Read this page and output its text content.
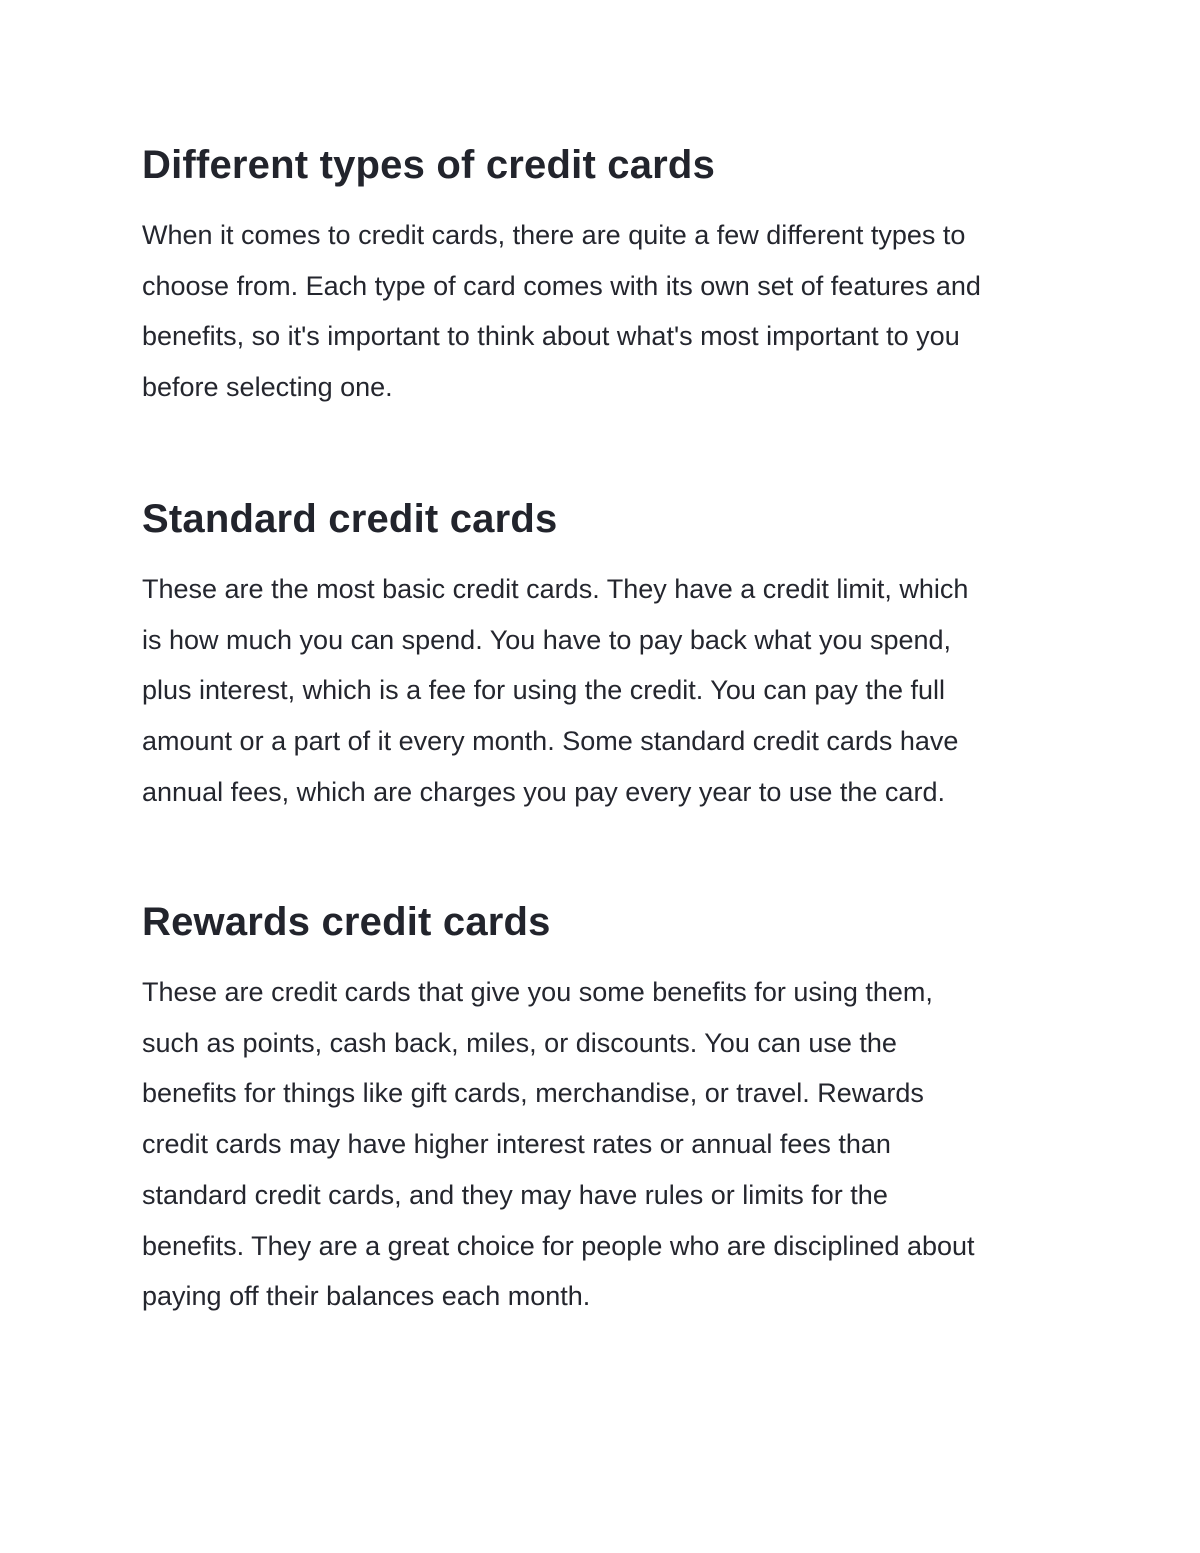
Different types of credit cards

When it comes to credit cards, there are quite a few different types to
choose from. Each type of card comes with its own set of features and
benefits, so it's important to think about what's most important to you
before selecting one.

Standard credit cards

These are the most basic credit cards. They have a credit limit, which
is how much you can spend. You have to pay back what you spend,
plus interest, which is a fee for using the credit. You can pay the full
amount or a part of it every month. Some standard credit cards have
annual fees, which are charges you pay every year to use the card.

Rewards credit cards

These are credit cards that give you some benefits for using them,
such as points, cash back, miles, or discounts. You can use the
benefits for things like gift cards, merchandise, or travel. Rewards
credit cards may have higher interest rates or annual fees than
standard credit cards, and they may have rules or limits for the
benefits. They are a great choice for people who are disciplined about
paying off their balances each month.
